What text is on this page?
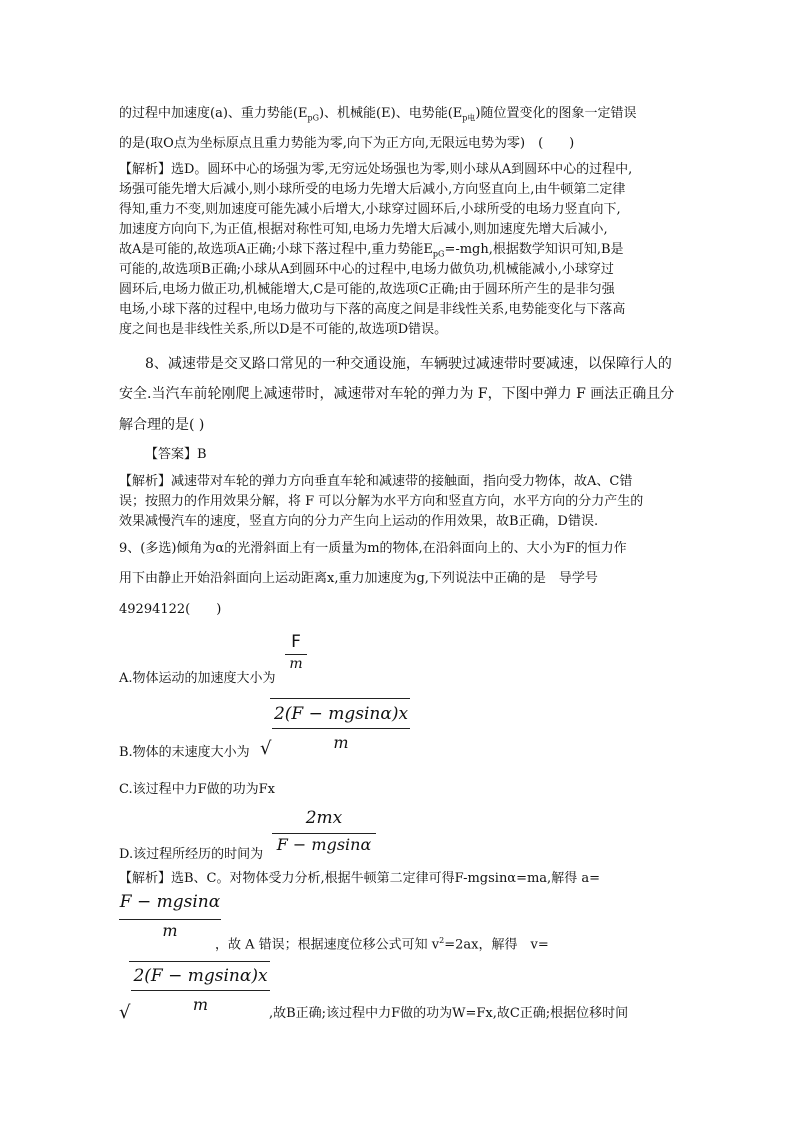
的过程中加速度(a)、重力势能$(E_{pG})$、机械能(E)、电势能$(E_{p电})$随位置变化的图象一定错误
的是(取O点为坐标原点且重力势能为零,向下为正方向,无限远电势为零)　(　　)
【解析】选D。圆环中心的场强为零,无穷远处场强也为零,则小球从A到圆环中心的过程中,
场强可能先增大后减小,则小球所受的电场力先增大后减小,方向竖直向上,由牛顿第二定律
得知,重力不变,则加速度可能先减小后增大,小球穿过圆环后,小球所受的电场力竖直向下,
加速度方向向下,为正值,根据对称性可知,电场力先增大后减小,则加速度先增大后减小,
故A是可能的,故选项A正确;小球下落过程中,重力势能$E_{pG}=$-mgh,根据数学知识可知,B是
可能的,故选项B正确;小球从A到圆环中心的过程中,电场力做负功,机械能减小,小球穿过
圆环后,电场力做正功,机械能增大,C是可能的,故选项C正确;由于圆环所产生的是非匀强
电场,小球下落的过程中,电场力做功与下落的高度之间是非线性关系,电势能变化与下落高
度之间也是非线性关系,所以D是不可能的,故选项D错误。
8、减速带是交叉路口常见的一种交通设施，车辆驶过减速带时要减速，以保障行人的
安全.当汽车前轮刚爬上减速带时，减速带对车轮的弹力为 F，下图中弹力 F 画法正确且分
解合理的是( )
【答案】B
【解析】减速带对车轮的弹力方向垂直车轮和减速带的接触面，指向受力物体，故A、C错
误；按照力的作用效果分解，将 F 可以分解为水平方向和竖直方向，水平方向的分力产生的
效果减慢汽车的速度，竖直方向的分力产生向上运动的作用效果，故B正确，D错误.
9、(多选)倾角为α的光滑斜面上有一质量为m的物体,在沿斜面向上的、大小为F的恒力作
用下由静止开始沿斜面向上运动距离x,重力加速度为g,下列说法中正确的是　导学号
49294122(　　)
A.物体运动的加速度大小为
F
m
B.物体的末速度大小为 √
2(F − mgsinα)x
m
C.该过程中力F做的功为Fx
D.该过程所经历的时间为
2mx
F − mgsinα
【解析】选B、C。对物体受力分析,根据牛顿第二定律可得F-mgsinα=ma,解得 a=
F − mgsinα
m
，故 A 错误；根据速度位移公式可知 $v^2=2ax$，解得　v=
√
2(F − mgsinα)x
m	,故B正确;该过程中力F做的功为W=Fx,故C正确;根据位移时间
